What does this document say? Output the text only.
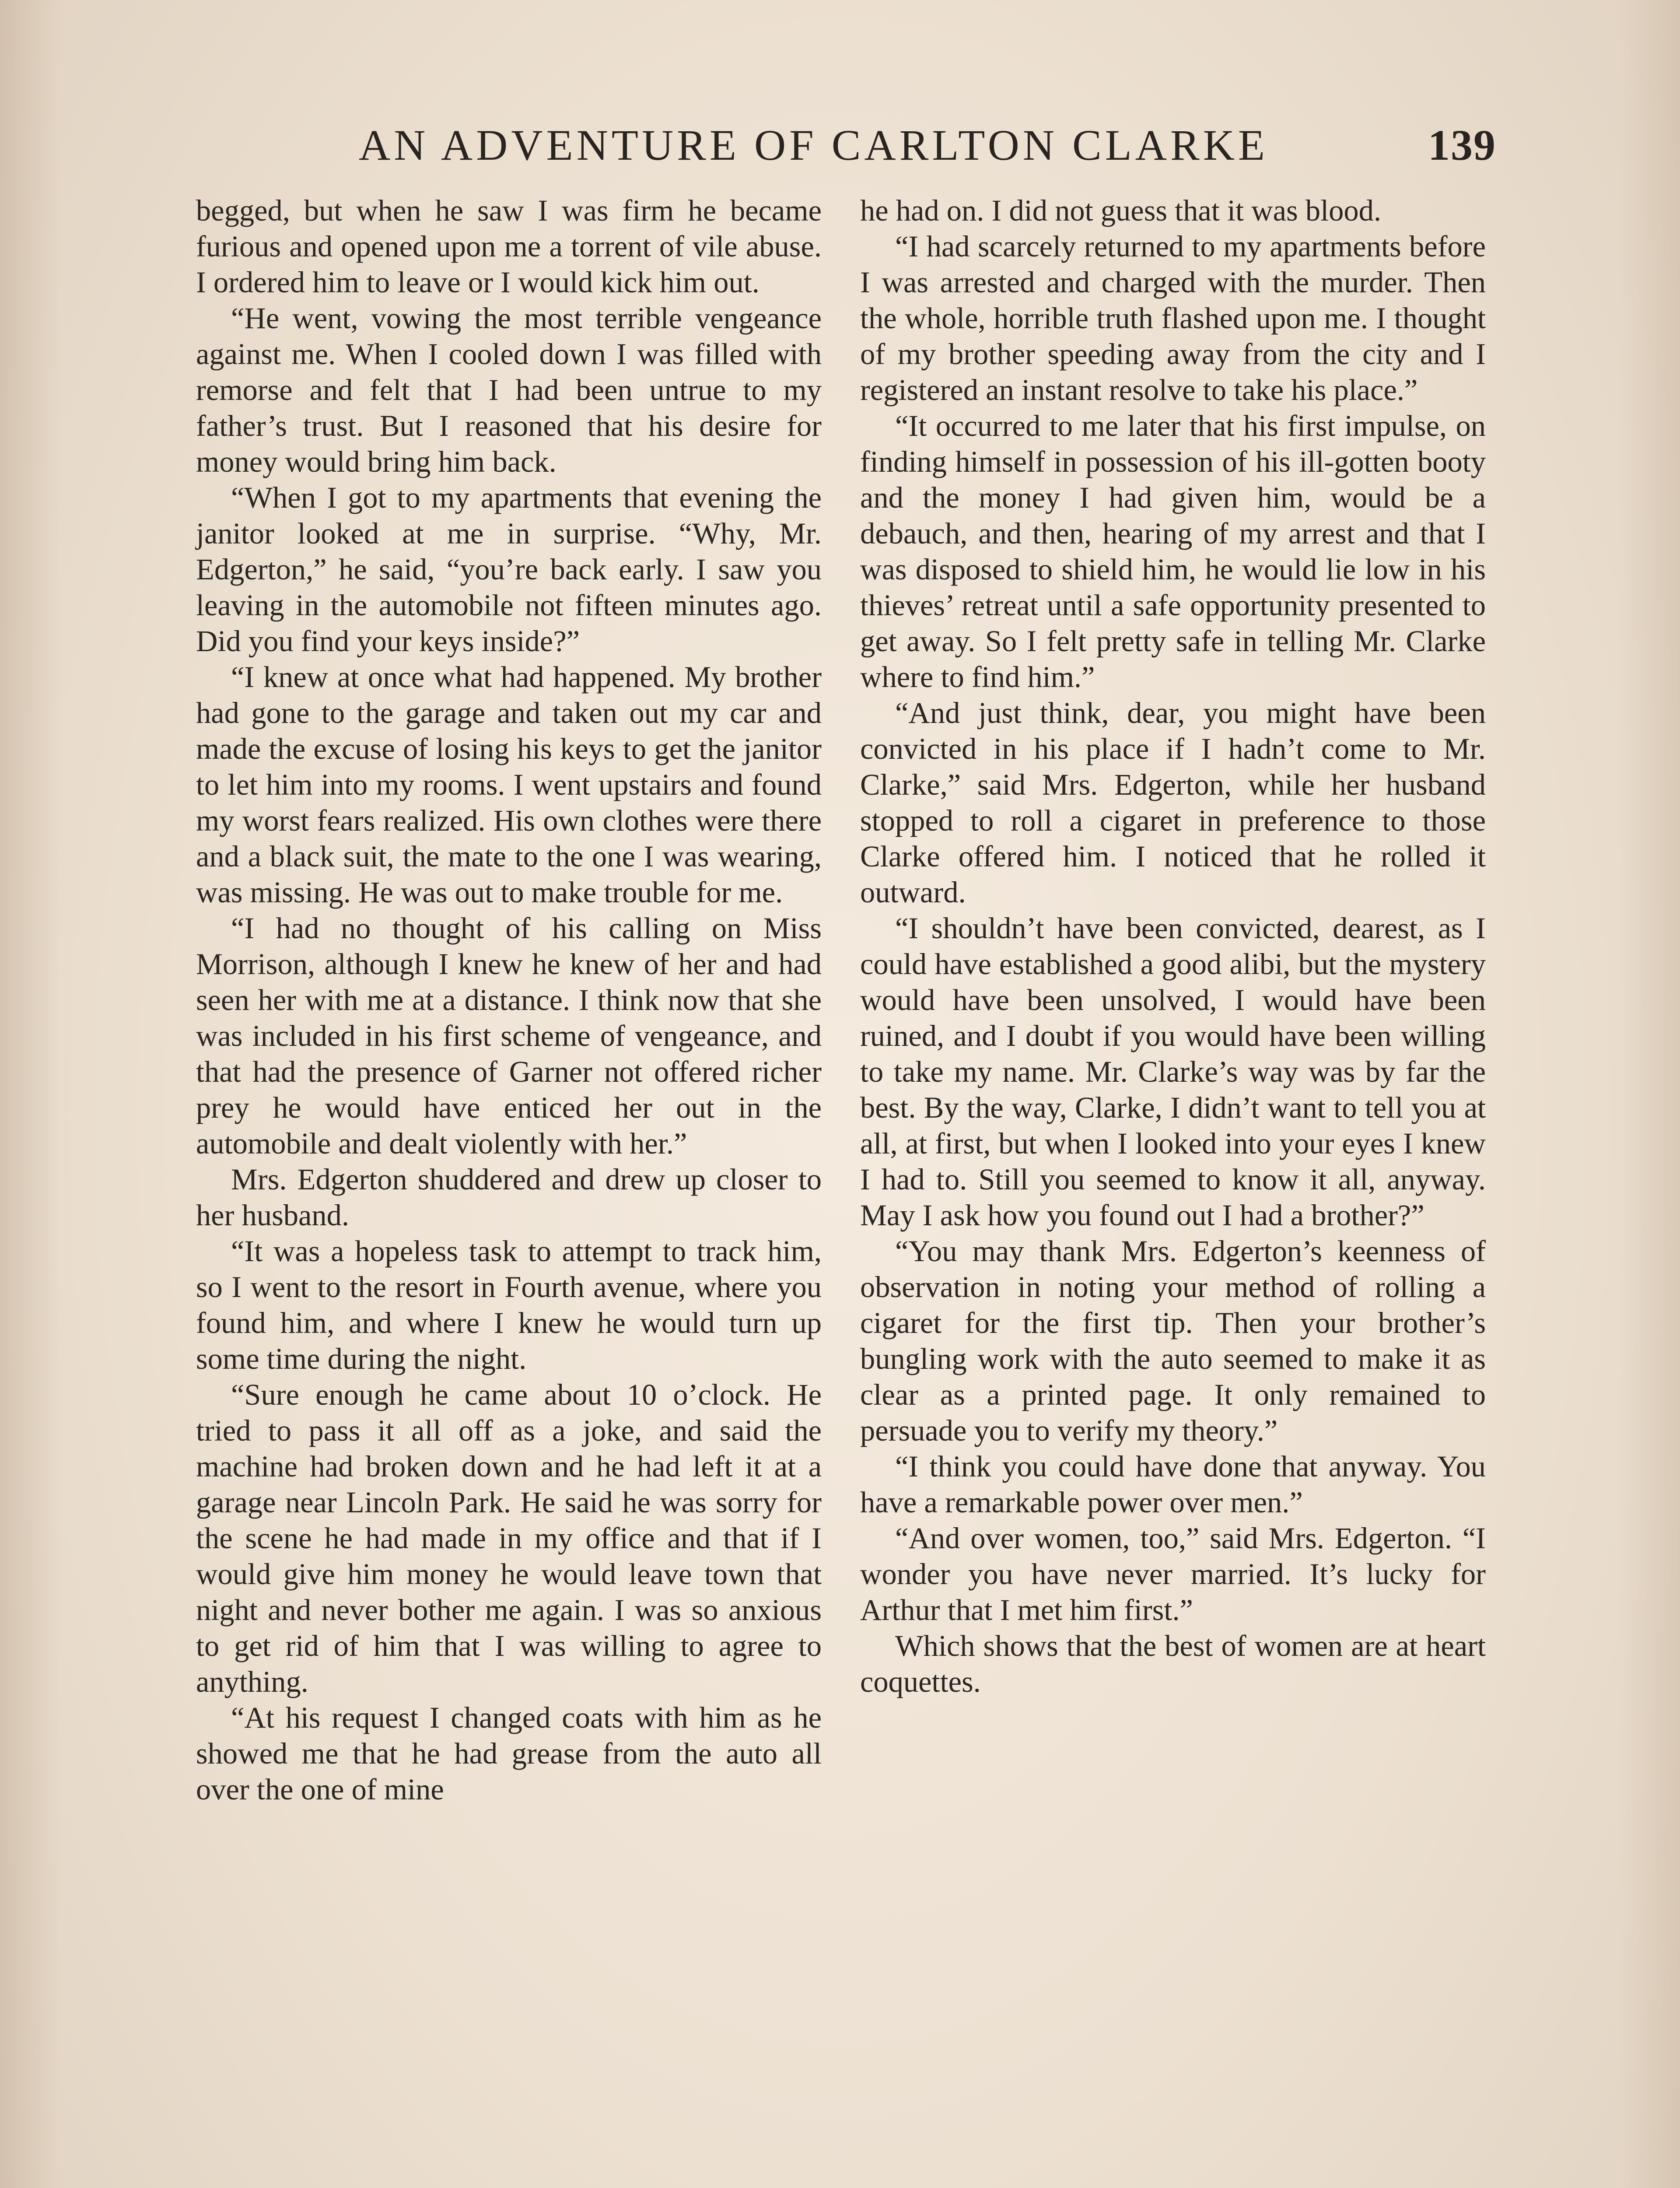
AN ADVENTURE OF CARLTON CLARKE	139

begged, but when he saw I was firm he became furious and opened upon me a torrent of vile abuse. I ordered him to leave or I would kick him out.

“He went, vowing the most terrible vengeance against me. When I cooled down I was filled with remorse and felt that I had been untrue to my father’s trust. But I reasoned that his desire for money would bring him back.

“When I got to my apartments that evening the janitor looked at me in surprise. “Why, Mr. Edgerton,” he said, “you’re back early. I saw you leaving in the automobile not fifteen minutes ago. Did you find your keys inside?”

“I knew at once what had happened. My brother had gone to the garage and taken out my car and made the excuse of losing his keys to get the janitor to let him into my rooms. I went upstairs and found my worst fears realized. His own clothes were there and a black suit, the mate to the one I was wearing, was missing. He was out to make trouble for me.

“I had no thought of his calling on Miss Morrison, although I knew he knew of her and had seen her with me at a distance. I think now that she was included in his first scheme of vengeance, and that had the presence of Garner not offered richer prey he would have enticed her out in the automobile and dealt violently with her.”

Mrs. Edgerton shuddered and drew up closer to her husband.

“It was a hopeless task to attempt to track him, so I went to the resort in Fourth avenue, where you found him, and where I knew he would turn up some time during the night.

“Sure enough he came about 10 o’clock. He tried to pass it all off as a joke, and said the machine had broken down and he had left it at a garage near Lincoln Park. He said he was sorry for the scene he had made in my office and that if I would give him money he would leave town that night and never bother me again. I was so anxious to get rid of him that I was willing to agree to anything.

“At his request I changed coats with him as he showed me that he had grease from the auto all over the one of mine

he had on. I did not guess that it was blood.

“I had scarcely returned to my apartments before I was arrested and charged with the murder. Then the whole, horrible truth flashed upon me. I thought of my brother speeding away from the city and I registered an instant resolve to take his place.”

“It occurred to me later that his first impulse, on finding himself in possession of his ill-gotten booty and the money I had given him, would be a debauch, and then, hearing of my arrest and that I was disposed to shield him, he would lie low in his thieves’ retreat until a safe opportunity presented to get away. So I felt pretty safe in telling Mr. Clarke where to find him.”

“And just think, dear, you might have been convicted in his place if I hadn’t come to Mr. Clarke,” said Mrs. Edgerton, while her husband stopped to roll a cigaret in preference to those Clarke offered him. I noticed that he rolled it outward.

“I shouldn’t have been convicted, dearest, as I could have established a good alibi, but the mystery would have been unsolved, I would have been ruined, and I doubt if you would have been willing to take my name. Mr. Clarke’s way was by far the best. By the way, Clarke, I didn’t want to tell you at all, at first, but when I looked into your eyes I knew I had to. Still you seemed to know it all, anyway. May I ask how you found out I had a brother?”

“You may thank Mrs. Edgerton’s keenness of observation in noting your method of rolling a cigaret for the first tip. Then your brother’s bungling work with the auto seemed to make it as clear as a printed page. It only remained to persuade you to verify my theory.”

“I think you could have done that anyway. You have a remarkable power over men.”

“And over women, too,” said Mrs. Edgerton. “I wonder you have never married. It’s lucky for Arthur that I met him first.”

Which shows that the best of women are at heart coquettes.
